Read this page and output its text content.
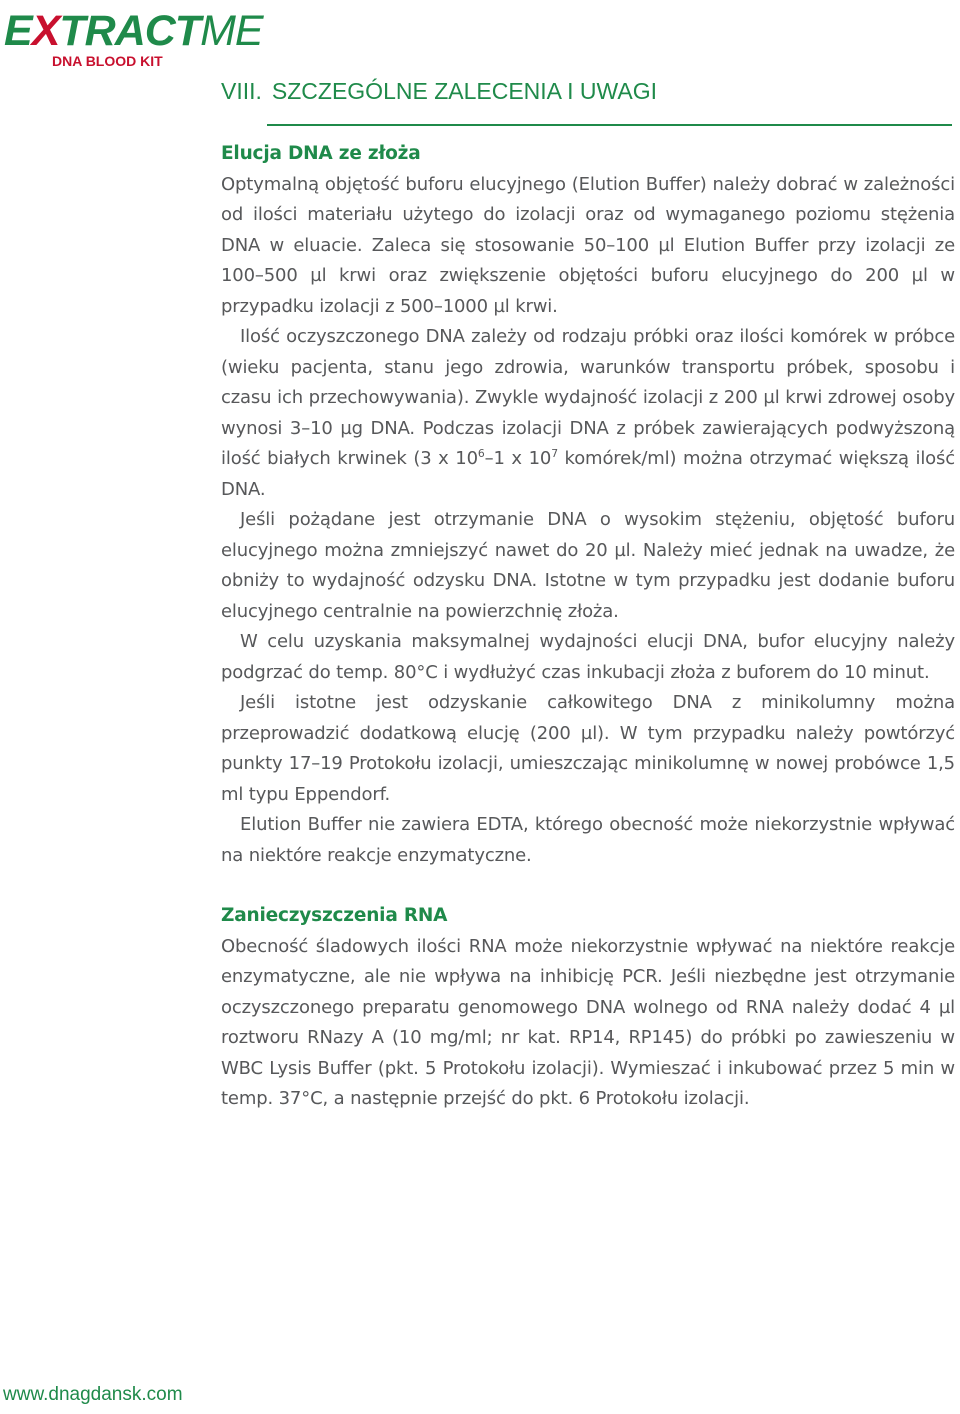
EXTRACTME
DNA BLOOD KIT
VIII. SZCZEGÓLNE ZALECENIA I UWAGI
Elucja DNA ze złoża

Optymalną objętość buforu elucyjnego (Elution Buffer) należy dobrać w zależności od ilości materiału użytego do izolacji oraz od wymaganego poziomu stężenia DNA w eluacie. Zaleca się stosowanie 50–100 µl Elution Buffer przy izolacji ze 100–500 µl krwi oraz zwiększenie objętości buforu elucyjnego do 200 µl w przypadku izolacji z 500–1000 µl krwi.

Ilość oczyszczonego DNA zależy od rodzaju próbki oraz ilości komórek w próbce (wieku pacjenta, stanu jego zdrowia, warunków transportu próbek, sposobu i czasu ich przechowywania). Zwykle wydajność izolacji z 200 µl krwi zdrowej osoby wynosi 3–10 µg DNA. Podczas izolacji DNA z próbek zawierających podwyższoną ilość białych krwinek (3 x $10^6-1$ x $10^7$ komórek/ml) można otrzymać większą ilość DNA.

Jeśli pożądane jest otrzymanie DNA o wysokim stężeniu, objętość buforu elucyjnego można zmniejszyć nawet do 20 µl. Należy mieć jednak na uwadze, że obniży to wydajność odzysku DNA. Istotne w tym przypadku jest dodanie buforu elucyjnego centralnie na powierzchnię złoża.

W celu uzyskania maksymalnej wydajności elucji DNA, bufor elucyjny należy podgrzać do temp. 80°C i wydłużyć czas inkubacji złoża z buforem do 10 minut.

Jeśli istotne jest odzyskanie całkowitego DNA z minikolumny można przeprowadzić dodatkową elucję (200 µl). W tym przypadku należy powtórzyć punkty 17–19 Protokołu izolacji, umieszczając minikolumnę w nowej probówce 1,5 ml typu Eppendorf.

Elution Buffer nie zawiera EDTA, którego obecność może niekorzystnie wpływać na niektóre reakcje enzymatyczne.

Zanieczyszczenia RNA

Obecność śladowych ilości RNA może niekorzystnie wpływać na niektóre reakcje enzymatyczne, ale nie wpływa na inhibicję PCR. Jeśli niezbędne jest otrzymanie oczyszczonego preparatu genomowego DNA wolnego od RNA należy dodać 4 µl roztworu RNazy A (10 mg/ml; nr kat. RP14, RP145) do próbki po zawieszeniu w WBC Lysis Buffer (pkt. 5 Protokołu izolacji). Wymieszać i inkubować przez 5 min w temp. 37°C, a następnie przejść do pkt. 6 Protokołu izolacji.

www.dnagdansk.com
